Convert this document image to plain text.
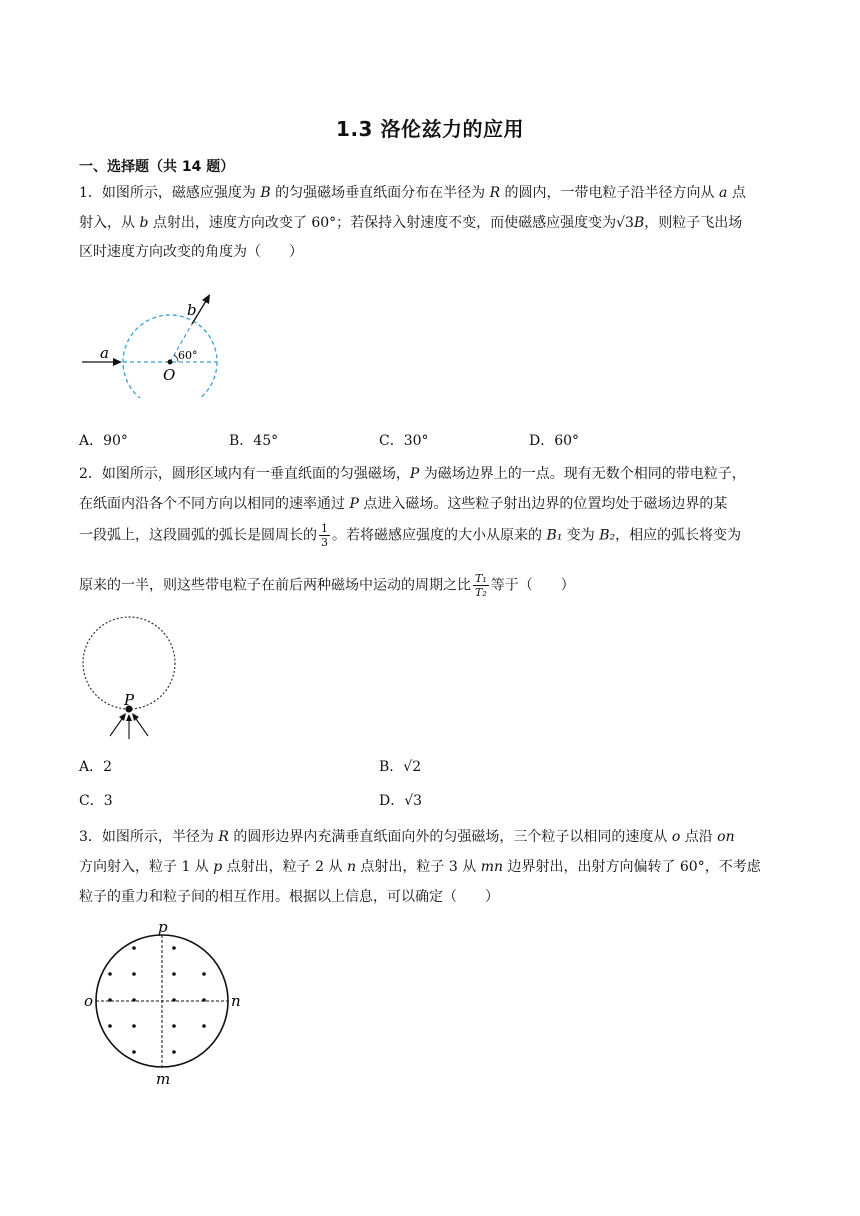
1.3 洛伦兹力的应用
一、选择题（共 14 题）
1．如图所示，磁感应强度为 B 的匀强磁场垂直纸面分布在半径为 R 的圆内，一带电粒子沿半径方向从 a 点
射入，从 b 点射出，速度方向改变了 60°；若保持入射速度不变，而使磁感应强度变为√3B，则粒子飞出场
区时速度方向改变的角度为（　　）
a
b
O
60°
A．90°	B．45°	C．30°	D．60°
2．如图所示，圆形区域内有一垂直纸面的匀强磁场，P 为磁场边界上的一点。现有无数个相同的带电粒子，
在纸面内沿各个不同方向以相同的速率通过 P 点进入磁场。这些粒子射出边界的位置均处于磁场边界的某
一段弧上，这段圆弧的弧长是圆周长的 $\frac{1}{3}$ 。若将磁感应强度的大小从原来的 B₁ 变为 B₂，相应的弧长将变为
原来的一半，则这些带电粒子在前后两种磁场中运动的周期之比 $\frac{\text{T₁}}{\text{T₂}}$ 等于（　　）
P
A．2	B．√2
C．3	D．√3
3．如图所示，半径为 R 的圆形边界内充满垂直纸面向外的匀强磁场，三个粒子以相同的速度从 o 点沿 on
方向射入，粒子 1 从 p 点射出，粒子 2 从 n 点射出，粒子 3 从 mn 边界射出，出射方向偏转了 60°，不考虑
粒子的重力和粒子间的相互作用。根据以上信息，可以确定（　　）
p
o	n
m
